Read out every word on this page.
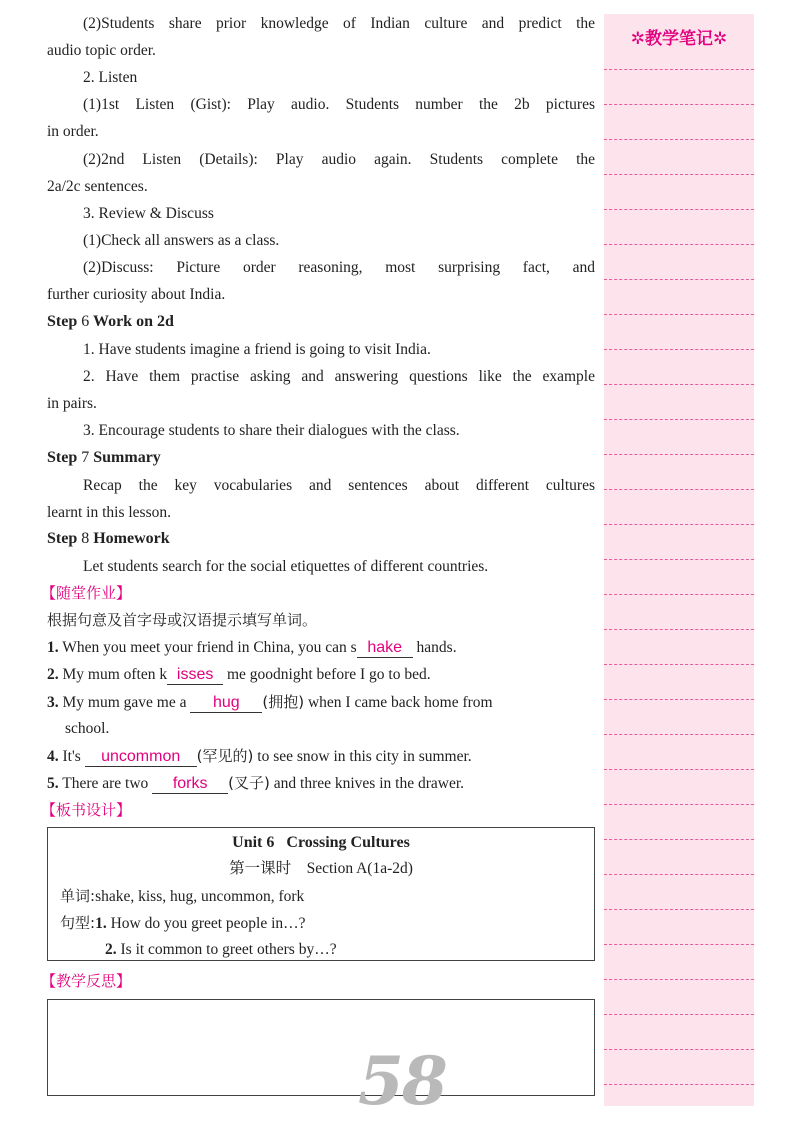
✲教学笔记✲
(2)Students share prior knowledge of Indian culture and predict the
audio topic order.
2. Listen
(1)1st Listen (Gist): Play audio. Students number the 2b pictures
in order.
(2)2nd Listen (Details): Play audio again. Students complete the
2a/2c sentences.
3. Review & Discuss
(1)Check all answers as a class.
(2)Discuss: Picture order reasoning, most surprising fact, and
further curiosity about India.
Step 6 Work on 2d
1. Have students imagine a friend is going to visit India.
2. Have them practise asking and answering questions like the example
in pairs.
3. Encourage students to share their dialogues with the class.
Step 7 Summary
Recap the key vocabularies and sentences about different cultures
learnt in this lesson.
Step 8 Homework
Let students search for the social etiquettes of different countries.
【随堂作业】
根据句意及首字母或汉语提示填写单词。
1. When you meet your friend in China, you can s hake hands.
2. My mum often k isses me goodnight before I go to bed.
3. My mum gave me a hug (拥抱) when I came back home from
school.
4. It's uncommon (罕见的) to see snow in this city in summer.
5. There are two forks (叉子) and three knives in the drawer.
【板书设计】
【教学反思】
Unit 6 Crossing Cultures
第一课时　Section A(1a-2d)
单词:shake, kiss, hug, uncommon, fork
句型:1. How do you greet people in…?
2. Is it common to greet others by…?
58
